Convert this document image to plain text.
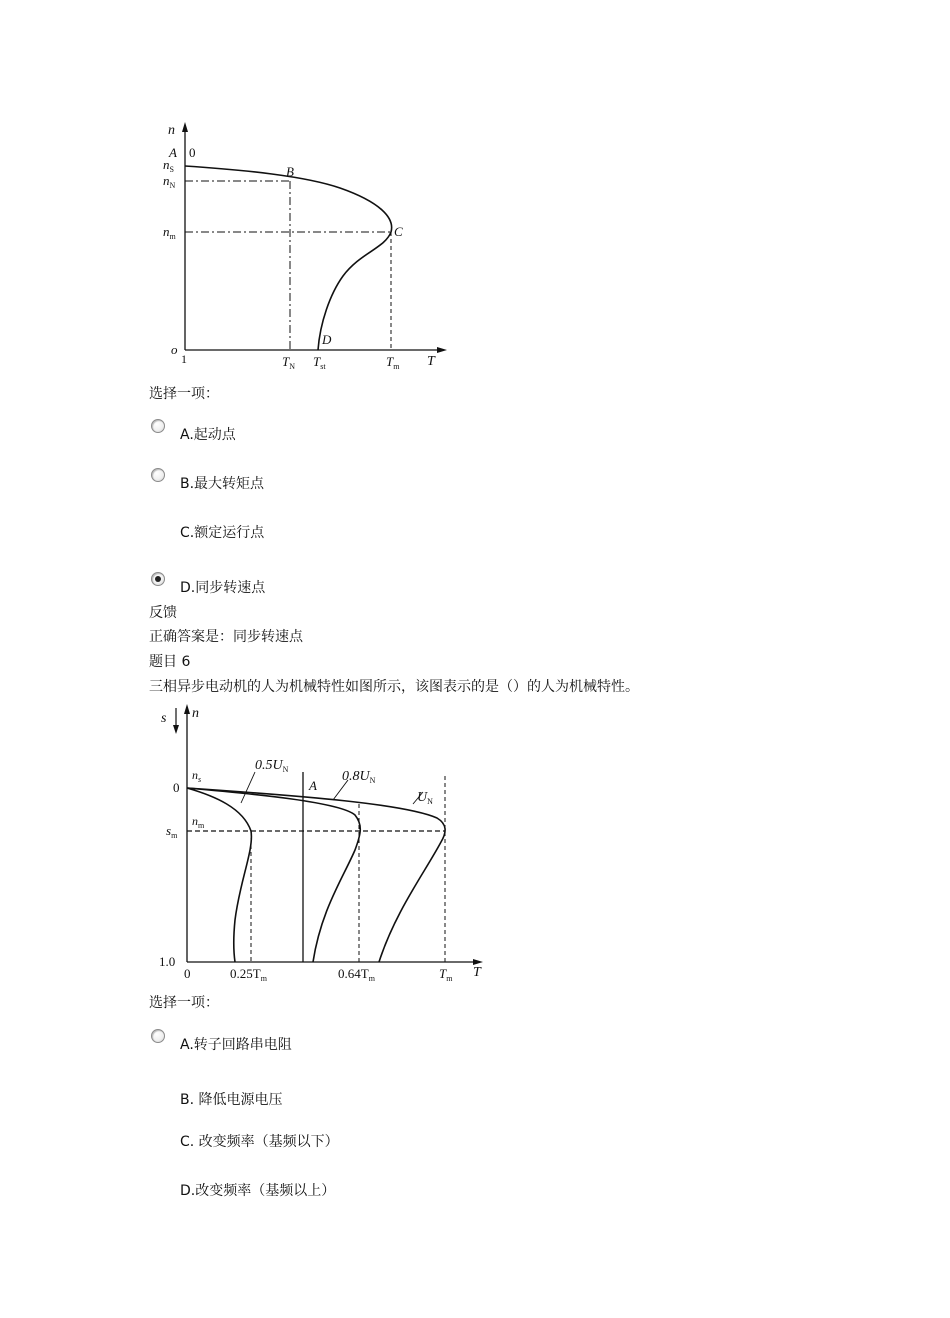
n
A 0
$n_S$
$n_N$
$n_m$
B
C
D
o
1	$T_N$ $T_{st}$	$T_m$ T
选择一项：
A.起动点
B.最大转矩点
C.额定运行点
D.同步转速点
反馈
正确答案是：同步转速点
题目 6
三相异步电动机的人为机械特性如图所示，该图表示的是（）的人为机械特性。
s n
$n_s$
$0.5U_N$
A
$0.8U_N$
$U_N$
0
$n_m$
$s_m$
1.0
0	$0.25T_m$	$0.64T_m$	$T_m$ T
选择一项：
A.转子回路串电阻
B. 降低电源电压
C. 改变频率（基频以下）
D.改变频率（基频以上）
